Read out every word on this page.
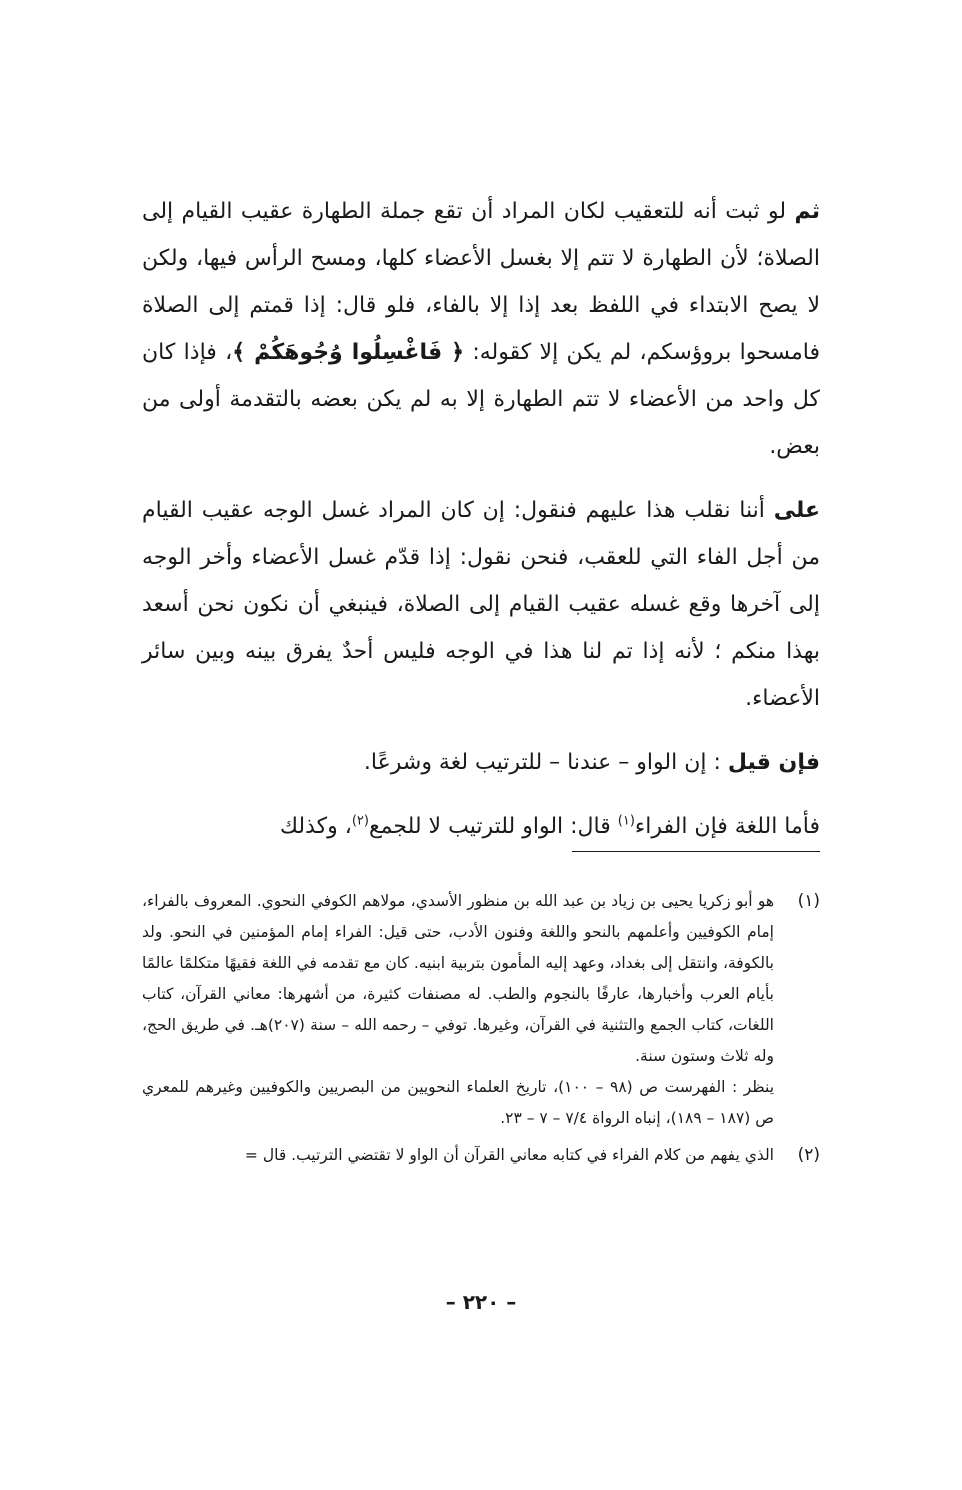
ثم لو ثبت أنه للتعقيب لكان المراد أن تقع جملة الطهارة عقيب القيام إلى الصلاة؛ لأن الطهارة لا تتم إلا بغسل الأعضاء كلها، ومسح الرأس فيها، ولكن لا يصح الابتداء في اللفظ بعد إذا إلا بالفاء، فلو قال: إذا قمتم إلى الصلاة فامسحوا بروؤسكم، لم يكن إلا كقوله: ﴿ فَاغْسِلُوا وُجُوهَكُمْ ﴾، فإذا كان كل واحد من الأعضاء لا تتم الطهارة إلا به لم يكن بعضه بالتقدمة أولى من بعض.

على أننا نقلب هذا عليهم فنقول: إن كان المراد غسل الوجه عقيب القيام من أجل الفاء التي للعقب، فنحن نقول: إذا قدّم غسل الأعضاء وأخر الوجه إلى آخرها وقع غسله عقيب القيام إلى الصلاة، فينبغي أن نكون نحن أسعد بهذا منكم ؛ لأنه إذا تم لنا هذا في الوجه فليس أحدٌ يفرق بينه وبين سائر الأعضاء.

فإن قيل : إن الواو – عندنا – للترتيب لغة وشرعًا.

فأما اللغة فإن الفراء$^{(١)}$ قال: الواو للترتيب لا للجمع$^{(٢)}$، وكذلك

(١)

هو أبو زكريا يحيى بن زياد بن عبد الله بن منظور الأسدي، مولاهم الكوفي النحوي. المعروف بالفراء، إمام الكوفيين وأعلمهم بالنحو واللغة وفنون الأدب، حتى قيل: الفراء إمام المؤمنين في النحو. ولد بالكوفة، وانتقل إلى بغداد، وعهد إليه المأمون بتربية ابنيه. كان مع تقدمه في اللغة فقيهًا متكلمًا عالمًا بأيام العرب وأخبارها، عارفًا بالنجوم والطب. له مصنفات كثيرة، من أشهرها: معاني القرآن، كتاب اللغات، كتاب الجمع والتثنية في القرآن، وغيرها. توفي – رحمه الله – سنة (٢٠٧)هـ. في طريق الحج، وله ثلاث وستون سنة.

ينظر : الفهرست ص (٩٨ – ١٠٠)، تاريخ العلماء النحويين من البصريين والكوفيين وغيرهم للمعري ص (١٨٧ – ١٨٩)، إنباه الرواة ٧/٤ – ٧ – ٢٣.

(٢)

الذي يفهم من كلام الفراء في كتابه معاني القرآن أن الواو لا تقتضي الترتيب. قال =

– ٢٢٠ –
